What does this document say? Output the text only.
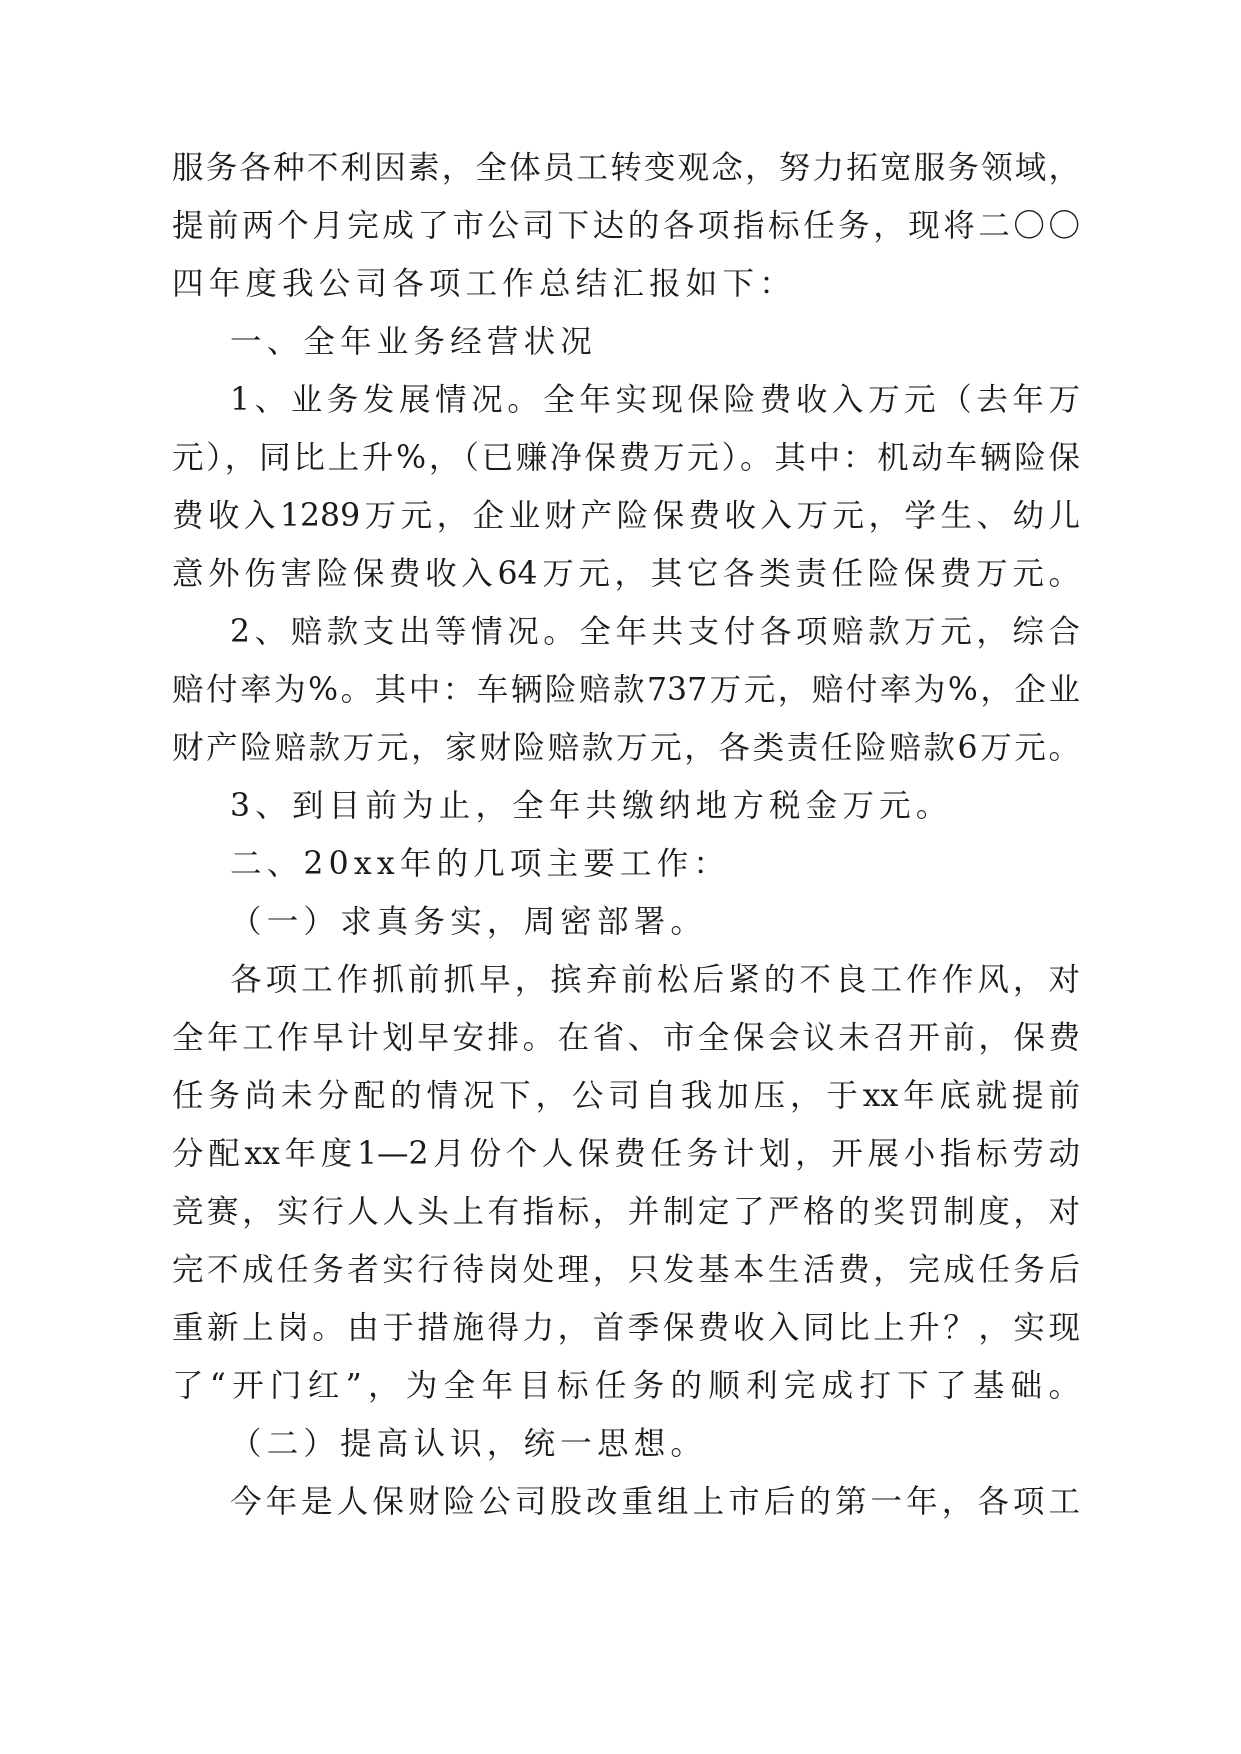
服务各种不利因素，全体员工转变观念，努力拓宽服务领域，
提前两个月完成了市公司下达的各项指标任务，现将二〇〇
四年度我公司各项工作总结汇报如下：
一、全年业务经营状况
1、业务发展情况。全年实现保险费收入万元（去年万
元），同比上升%，（已赚净保费万元）。其中：机动车辆险保
费收入1289万元，企业财产险保费收入万元，学生、幼儿
意外伤害险保费收入64万元，其它各类责任险保费万元。
2、赔款支出等情况。全年共支付各项赔款万元，综合
赔付率为%。其中：车辆险赔款737万元，赔付率为%，企业
财产险赔款万元，家财险赔款万元，各类责任险赔款6万元。
3、到目前为止，全年共缴纳地方税金万元。
二、20xx年的几项主要工作：
（一）求真务实，周密部署。
各项工作抓前抓早，摈弃前松后紧的不良工作作风，对
全年工作早计划早安排。在省、市全保会议未召开前，保费
任务尚未分配的情况下，公司自我加压，于xx年底就提前
分配xx年度1—2月份个人保费任务计划，开展小指标劳动
竞赛，实行人人头上有指标，并制定了严格的奖罚制度，对
完不成任务者实行待岗处理，只发基本生活费，完成任务后
重新上岗。由于措施得力，首季保费收入同比上升？，实现
了“开门红”，为全年目标任务的顺利完成打下了基础。
（二）提高认识，统一思想。
今年是人保财险公司股改重组上市后的第一年，各项工
